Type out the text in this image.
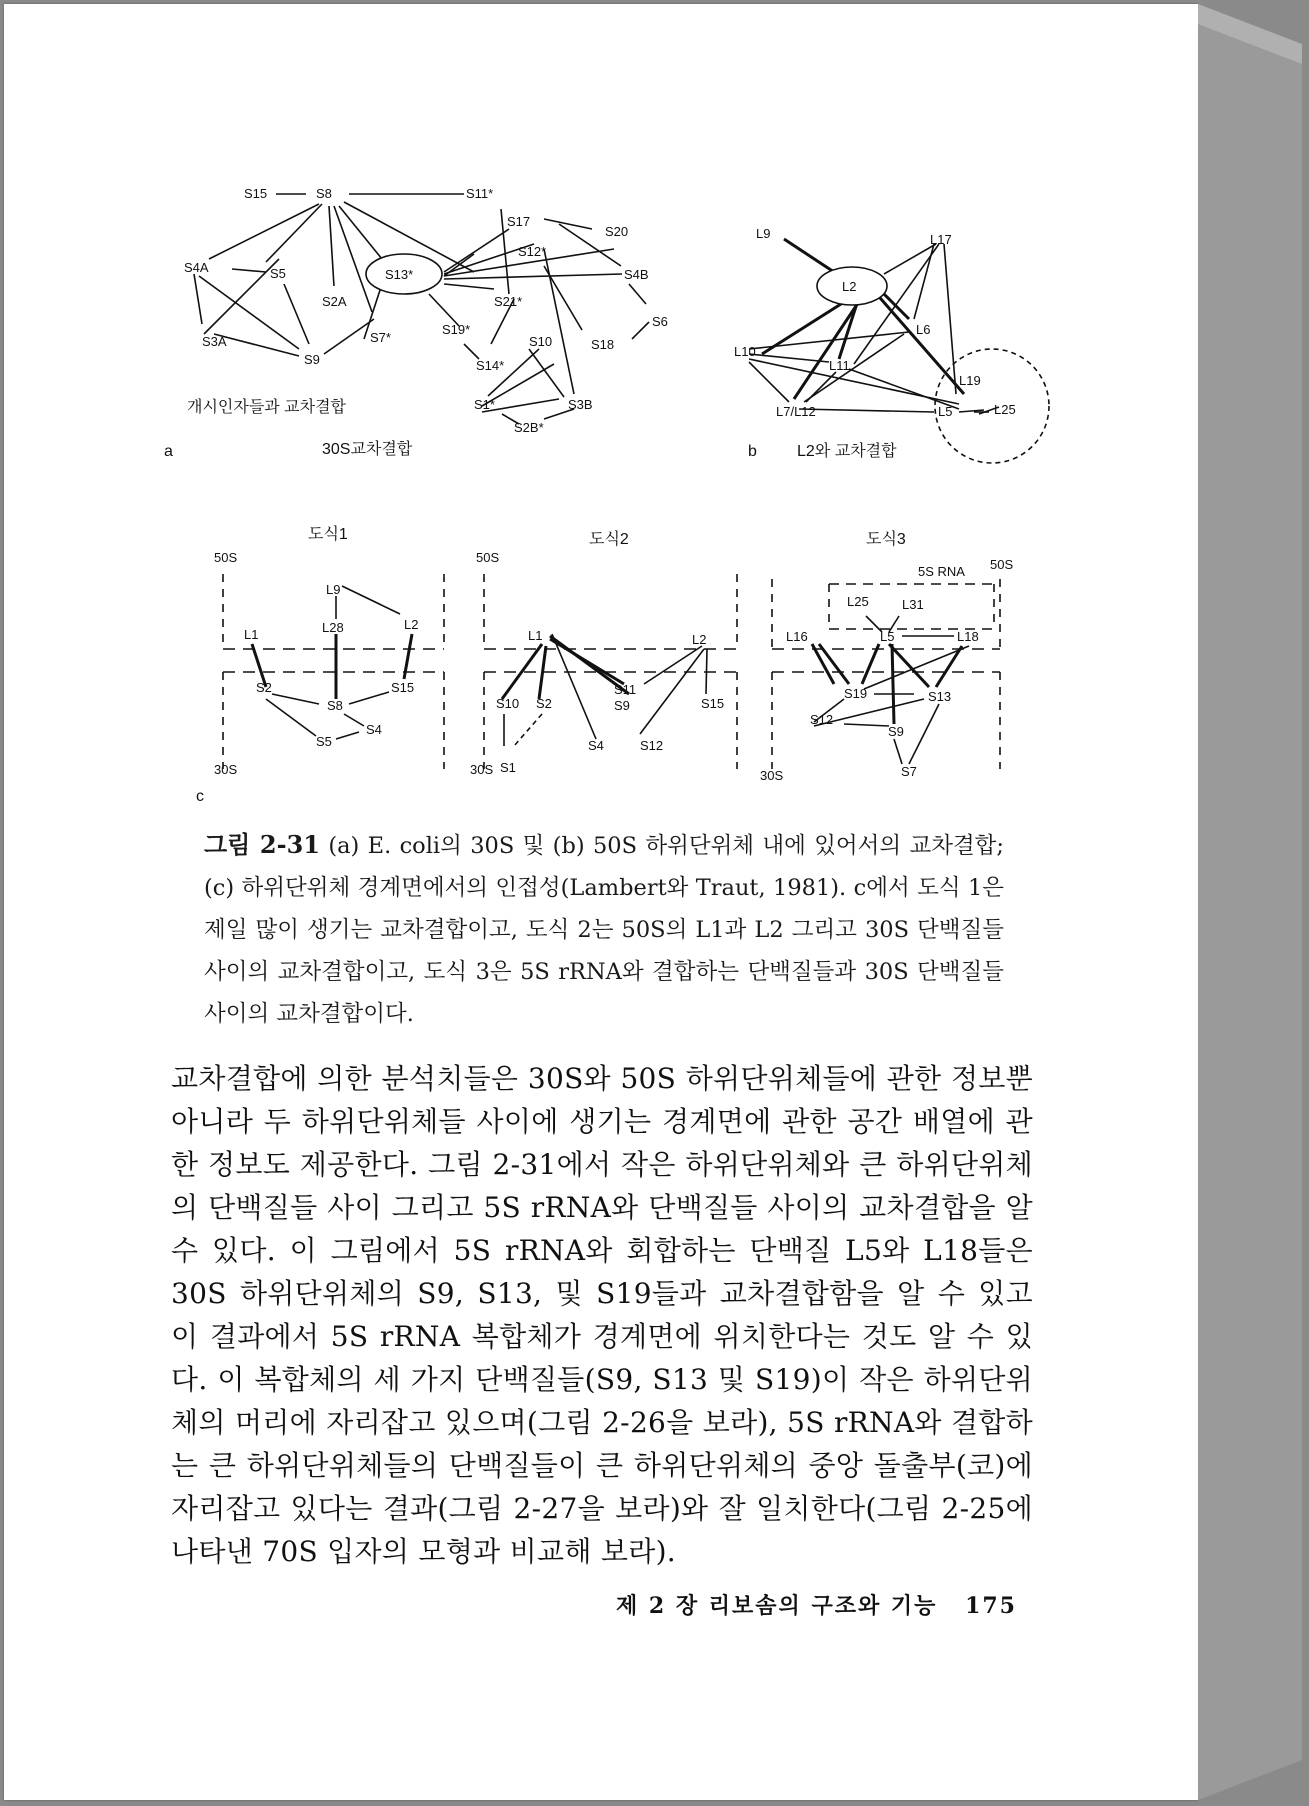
S15	S8	S11*
S17
S20
S12*
S4A	S5	S13*	S4B
S2A	S21*
S6
S7*
S19*
S3A
S9
S10	S18
S14*
S1*	S3B
S2B*
개시인자들과 교차결합
a	30S교차결합
L9	L17
L2
L6
L10
L11
L19
L7/L12	L5	L25
b	L2와 교차결합
도식1
50S
30S
L9
L2
L28
L1
S2	S15
S8
S4
S5
도식2
50S
30S
L1	L2
S11
S9	S15
S10 S2
S4	S12
S1
도식3
50S
30S
5S RNA
L25	L31
L16	L5	L18
S19	S13
S12
S9
S7
c
그림 2-31 (a) E. coli의 30S 및 (b) 50S 하위단위체 내에 있어서의 교차결합; (c) 하위단위체 경계면에서의 인접성(Lambert와 Traut, 1981). c에서 도식 1은 제일 많이 생기는 교차결합이고, 도식 2는 50S의 L1과 L2 그리고 30S 단백질들 사이의 교차결합이고, 도식 3은 5S rRNA와 결합하는 단백질들과 30S 단백질들 사이의 교차결합이다.
교차결합에 의한 분석치들은 30S와 50S 하위단위체들에 관한 정보뿐 아니라 두 하위단위체들 사이에 생기는 경계면에 관한 공간 배열에 관한 정보도 제공한다. 그림 2-31에서 작은 하위단위체와 큰 하위단위체의 단백질들 사이 그리고 5S rRNA와 단백질들 사이의 교차결합을 알 수 있다. 이 그림에서 5S rRNA와 회합하는 단백질 L5와 L18들은 30S 하위단위체의 S9, S13, 및 S19들과 교차결합함을 알 수 있고 이 결과에서 5S rRNA 복합체가 경계면에 위치한다는 것도 알 수 있다. 이 복합체의 세 가지 단백질들(S9, S13 및 S19)이 작은 하위단위체의 머리에 자리잡고 있으며(그림 2-26을 보라), 5S rRNA와 결합하는 큰 하위단위체들의 단백질들이 큰 하위단위체의 중앙 돌출부(코)에 자리잡고 있다는 결과(그림 2-27을 보라)와 잘 일치한다(그림 2-25에 나타낸 70S 입자의 모형과 비교해 보라).
제 2 장 리보솜의 구조와 기능 175
